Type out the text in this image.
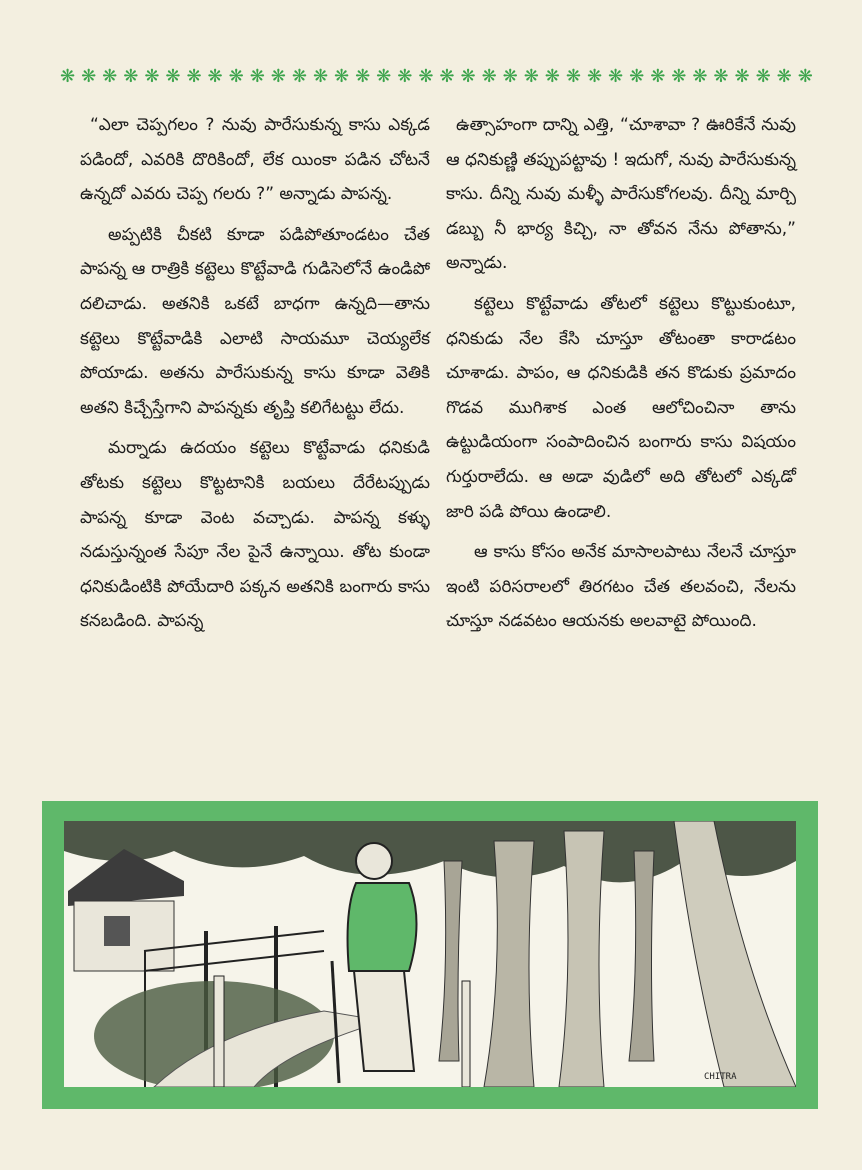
❋ ❋ ❋ ❋ ❋ ❋ ❋ ❋ ❋ ❋ ❋ ❋ ❋ ❋ ❋ ❋ ❋ ❋ ❋ ❋ ❋ ❋ ❋ ❋ ❋ ❋ ❋ ❋ ❋ ❋ ❋ ❋ ❋ ❋ ❋ ❋

“ఎలా చెప్పగలం ? నువు పారేసుకున్న కాసు ఎక్కడ పడిందో, ఎవరికి దొరికిందో, లేక యింకా పడిన చోటనే ఉన్నదో ఎవరు చెప్ప గలరు ?” అన్నాడు పాపన్న.

అప్పటికి చీకటి కూడా పడిపోతూండటం చేత పాపన్న ఆ రాత్రికి కట్టెలు కొట్టేవాడి గుడిసెలోనే ఉండిపో దలిచాడు. అతనికి ఒకటే బాధగా ఉన్నది—తాను కట్టెలు కొట్టేవాడికి ఎలాటి సాయమూ చెయ్యలేక పోయాడు. అతను పారేసుకున్న కాసు కూడా వెతికి అతని కిచ్చేస్తేగాని పాపన్నకు తృప్తి కలిగేటట్టు లేదు.

మర్నాడు ఉదయం కట్టెలు కొట్టేవాడు ధనికుడి తోటకు కట్టెలు కొట్టటానికి బయలు దేరేటప్పుడు పాపన్న కూడా వెంట వచ్చాడు. పాపన్న కళ్ళు నడుస్తున్నంత సేపూ నేల పైనే ఉన్నాయి. తోట కుండా ధనికుడింటికి పోయేదారి పక్కన అతనికి బంగారు కాసు కనబడింది. పాపన్న

ఉత్సాహంగా దాన్ని ఎత్తి, “చూశావా ? ఊరికేనే నువు ఆ ధనికుణ్ణి తప్పుపట్టావు ! ఇదుగో, నువు పారేసుకున్న కాసు. దీన్ని నువు మళ్ళీ పారేసుకోగలవు. దీన్ని మార్చి డబ్బు నీ భార్య కిచ్చి, నా తోవన నేను పోతాను,” అన్నాడు.

కట్టెలు కొట్టేవాడు తోటలో కట్టెలు కొట్టుకుంటూ, ధనికుడు నేల కేసి చూస్తూ తోటంతా కారాడటం చూశాడు. పాపం, ఆ ధనికుడికి తన కొడుకు ప్రమాదం గొడవ ముగిశాక ఎంత ఆలోచించినా తాను ఉట్టుడియంగా సంపాదించిన బంగారు కాసు విషయం గుర్తురాలేదు. ఆ అడా వుడిలో అది తోటలో ఎక్కడో జారి పడి పోయి ఉండాలి.

ఆ కాసు కోసం అనేక మాసాలపాటు నేలనే చూస్తూ ఇంటి పరిసరాలలో తిరగటం చేత తలవంచి, నేలను చూస్తూ నడవటం ఆయనకు అలవాటై పోయింది.

CHITRA
